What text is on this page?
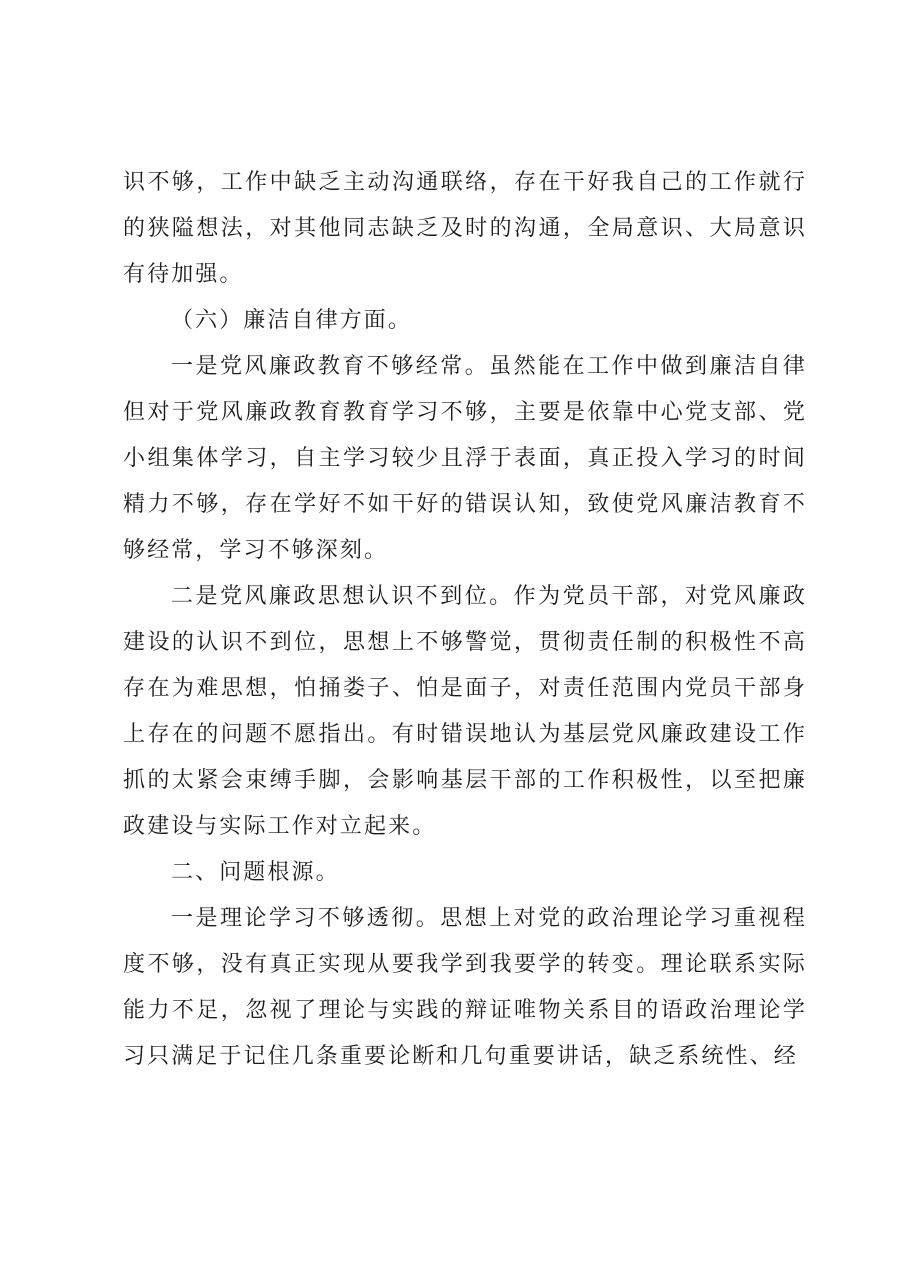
识不够，工作中缺乏主动沟通联络，存在干好我自己的工作就行的狭隘想法，对其他同志缺乏及时的沟通，全局意识、大局意识有待加强。

（六）廉洁自律方面。

一是党风廉政教育不够经常。虽然能在工作中做到廉洁自律但对于党风廉政教育教育学习不够，主要是依靠中心党支部、党小组集体学习，自主学习较少且浮于表面，真正投入学习的时间精力不够，存在学好不如干好的错误认知，致使党风廉洁教育不够经常，学习不够深刻。

二是党风廉政思想认识不到位。作为党员干部，对党风廉政建设的认识不到位，思想上不够警觉，贯彻责任制的积极性不高存在为难思想，怕捅娄子、怕是面子，对责任范围内党员干部身上存在的问题不愿指出。有时错误地认为基层党风廉政建设工作抓的太紧会束缚手脚，会影响基层干部的工作积极性，以至把廉政建设与实际工作对立起来。

二、问题根源。

一是理论学习不够透彻。思想上对党的政治理论学习重视程度不够，没有真正实现从要我学到我要学的转变。理论联系实际能力不足，忽视了理论与实践的辩证唯物关系目的语政治理论学习只满足于记住几条重要论断和几句重要讲话，缺乏系统性、经
